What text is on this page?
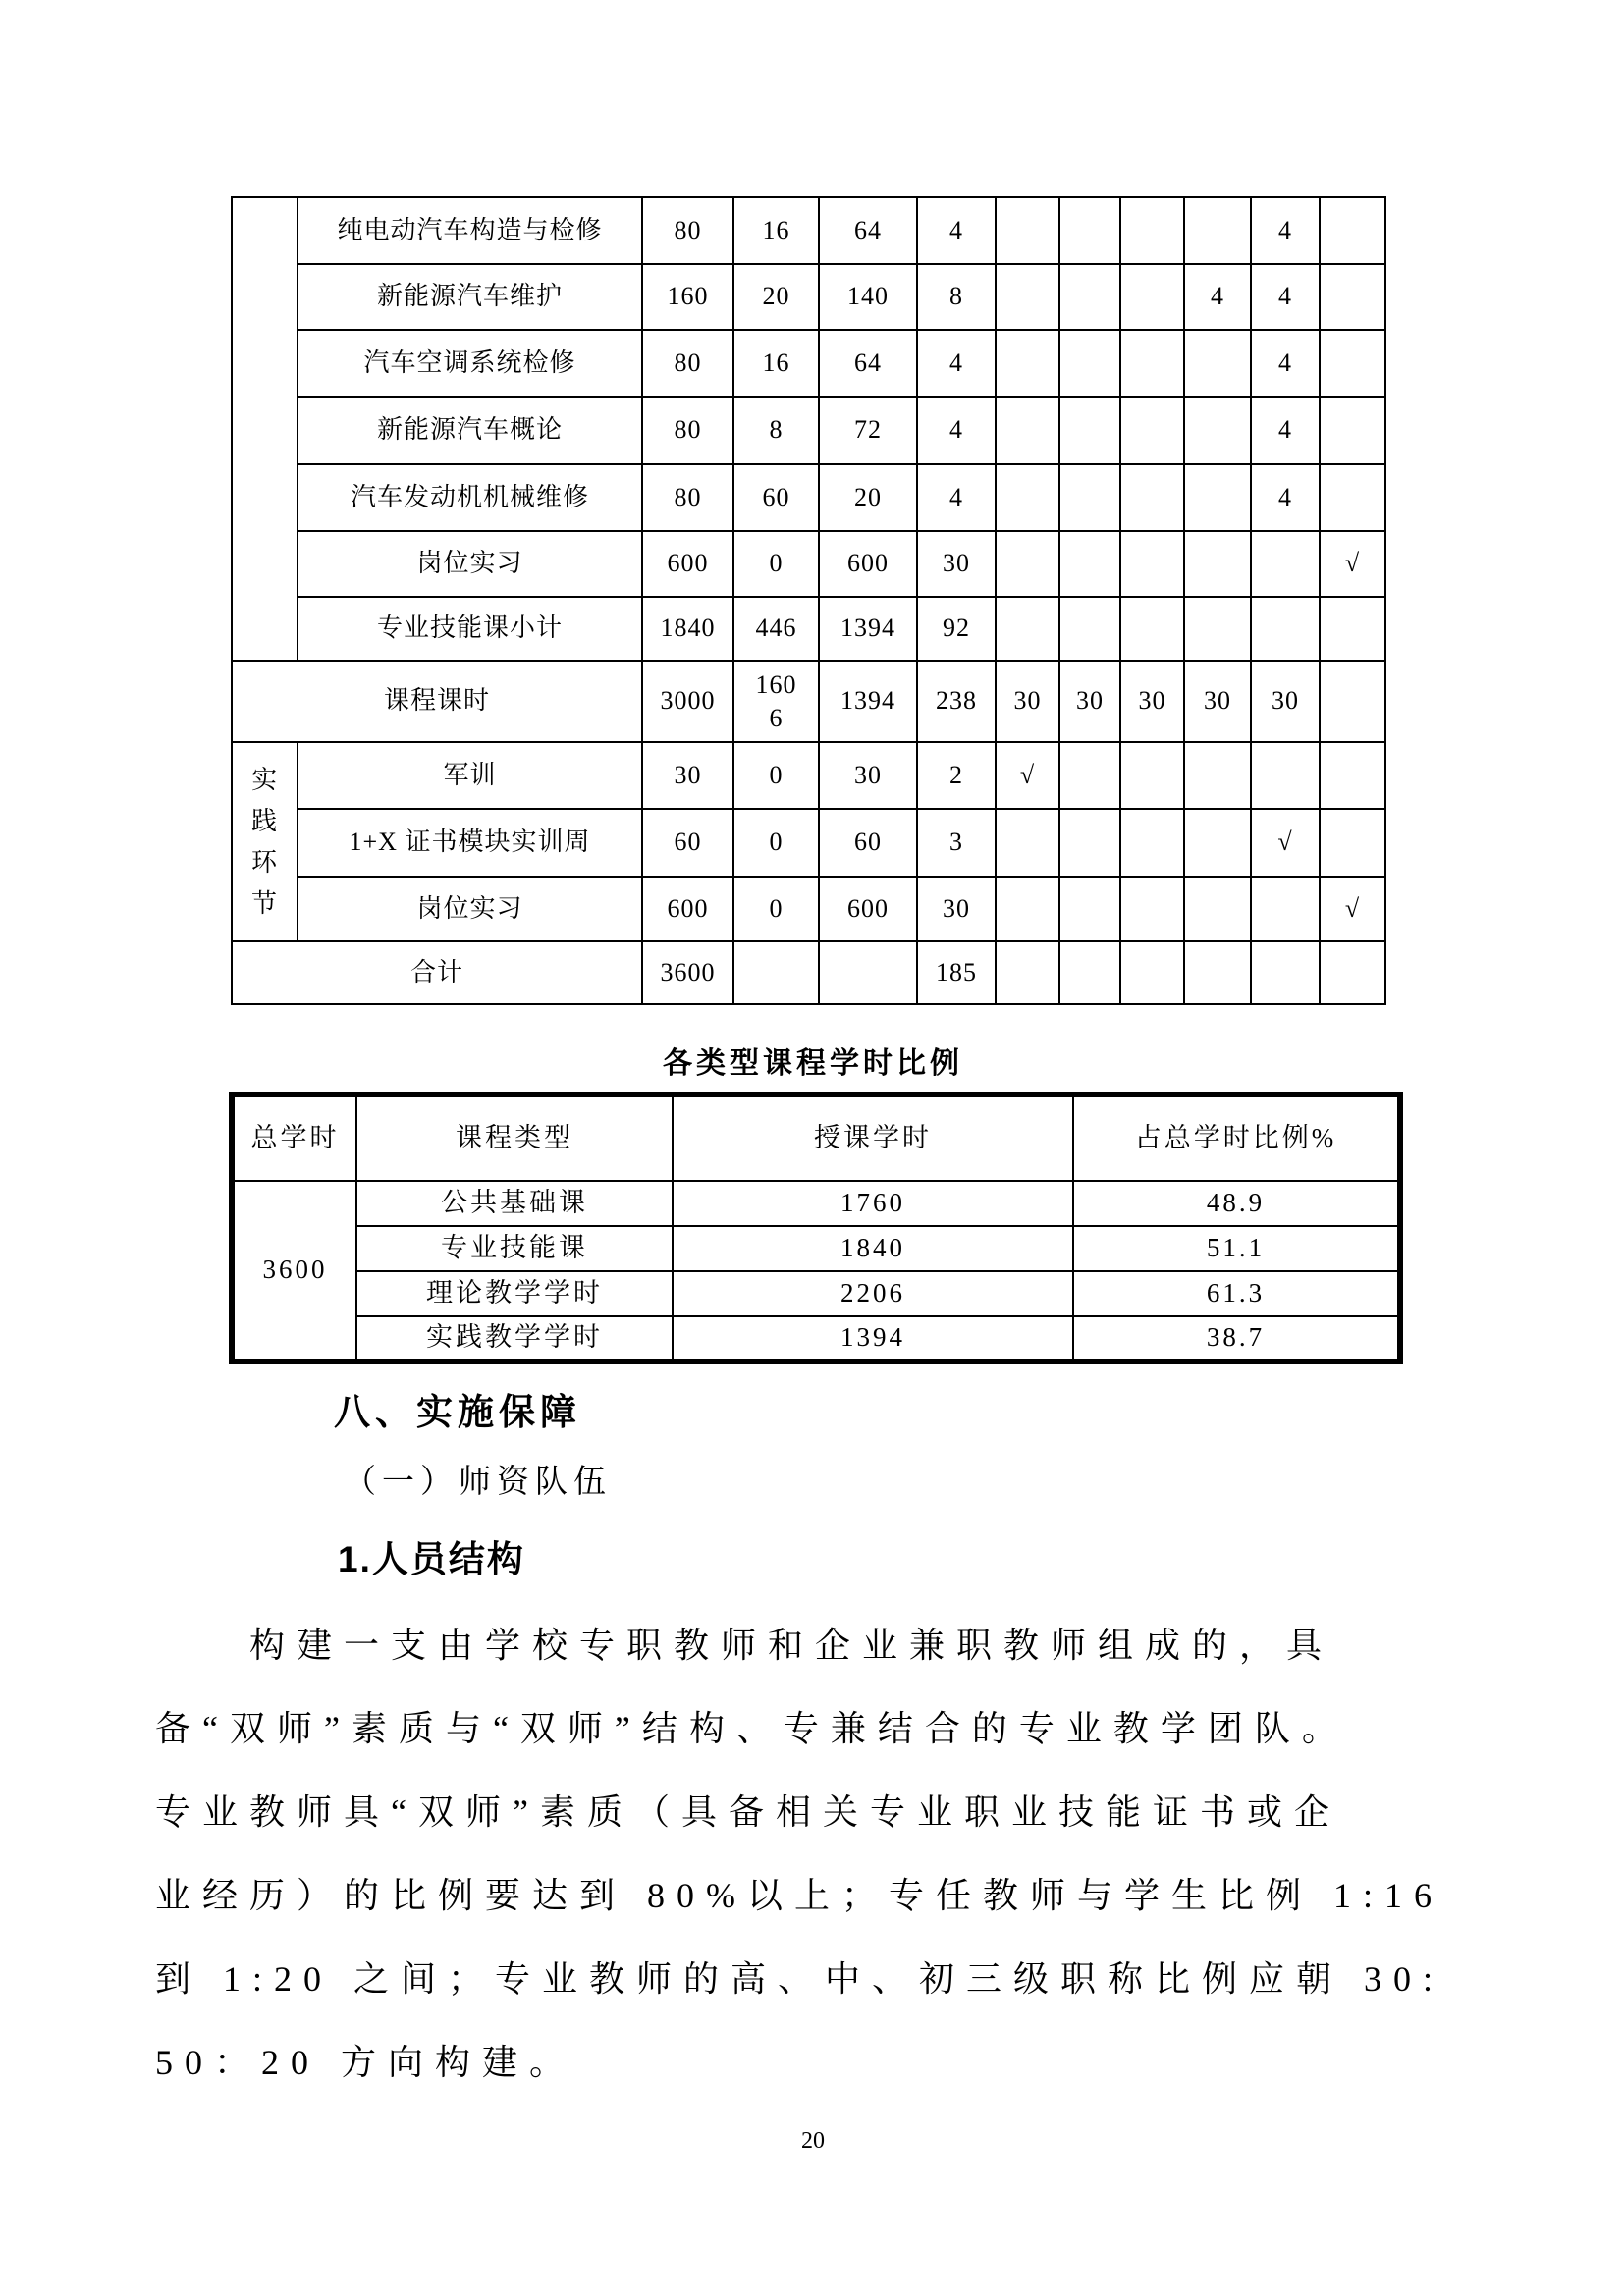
	纯电动汽车构造与检修	80	16	64	4					4	
	新能源汽车维护	160	20	140	8				4	4	
	汽车空调系统检修	80	16	64	4					4	
	新能源汽车概论	80	8	72	4					4	
	汽车发动机机械维修	80	60	20	4					4	
	岗位实习	600	0	600	30						√
	专业技能课小计	1840	446	1394	92						
课程课时		3000	1606	1394	238	30	30	30	30	30	

实践环节	军训	30	0	30	2	√					
	1+X 证书模块实训周	60	0	60	3					√	
	岗位实习	600	0	600	30						√
合计		3600			185						
各类型课程学时比例
总学时	课程类型	授课学时	占总学时比例%
3600	公共基础课	1760	48.9
	专业技能课	1840	51.1
	理论教学学时	2206	61.3
	实践教学学时	1394	38.7
八、实施保障
（一）师资队伍
1.人员结构
构建一支由学校专职教师和企业兼职教师组成的，具
备“双师”素质与“双师”结构、专兼结合的专业教学团队。
专业教师具“双师”素质（具备相关专业职业技能证书或企
业经历）的比例要达到 80%以上；专任教师与学生比例 1:16
到 1:20 之间；专业教师的高、中、初三级职称比例应朝 30:
50：20 方向构建。
20
